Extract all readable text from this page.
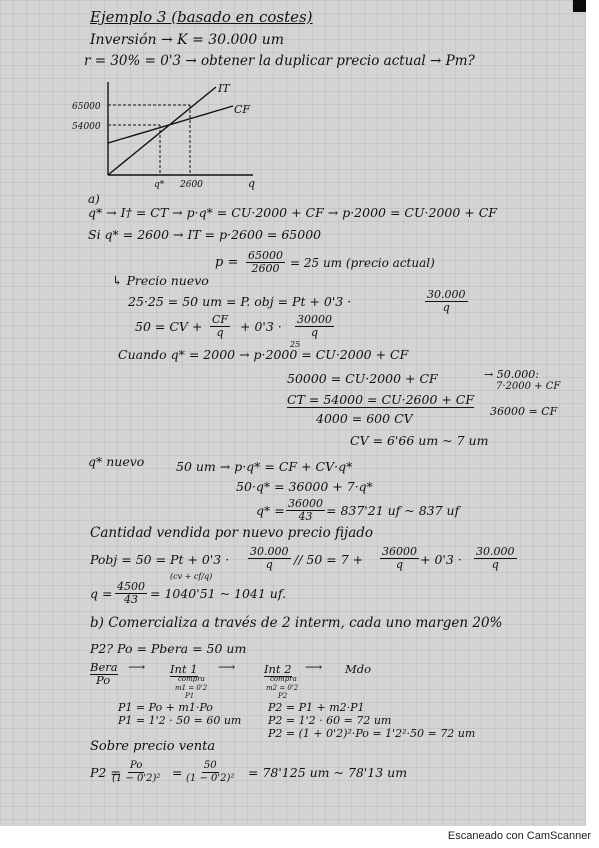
Ejemplo 3 (basado en costes)
Inversión → K = 30.000 um
r = 30% = 0'3 → obtener la duplicar precio actual → Pm?
IT
CF
65000
54000
q* 2600	q
a)
q* → I† = CT → p·q* = CU·2000 + CF → p·2000 = CU·2000 + CF
Si q* = 2600 → IT = p·2600 = 65000
$p = \frac{65000}{2600} = 25$ um (precio actual)
↳ Precio nuevo
25·25 = 50 um = P. obj = Pt + 0'3 ·	$\frac{30.000}{q}$
50 = CV + $\frac{CF}{q} + 0'3 \cdot \frac{30000}{q}$
25
Cuando q* = 2000 → p·2000 = CU·2000 + CF
50000 = CU·2000 + CF	→ 50.000:
7·2000 + CF
CT = 54000 = CU·2600 + CF
4000 = 600 CV	36000 = CF
CV = 6'66 um ~ 7 um
q* nuevo	50 um → p·q* = CF + CV·q*
50·q* = 36000 + 7·q*
$q* = \frac{36000}{43} = 837'21$ uf ~ 837 uf
Cantidad vendida por nuevo precio fijado
Pobj = $50 = Pt + 0'3 \cdot \frac{30.000}{q} // 50 = 7 + \frac{36000}{q} + 0'3 \cdot \frac{30.000}{q}$
(cv + cf/q)
$q = \frac{4500}{43} = 1040'51$ ~ 1041 uf.
b) Comercializa a través de 2 interm, cada uno margen 20%
P2? Po = Pbera = 50 um
Bera
Po
⟶ Int 1
compra
m1 = 0'2
P1
⟶	Int 2
compra
m2 = 0'2
P2
⟶ Mdo
P1 = Po + m1·Po
P1 = 1'2 · 50 = 60 um
P2 = P1 + m2·P1
P2 = 1'2 · 60 = 72 um
P2 = (1 + 0'2)²·Po = 1'2²·50 = 72 um
Sobre precio venta
P2 =
$\frac{Po}{\text{(1 − 0'2)²}} = \frac{50}{\text{(1 − 0'2)²}} = 78'125$ um ~ 78'13 um
Escaneado con CamScanner
